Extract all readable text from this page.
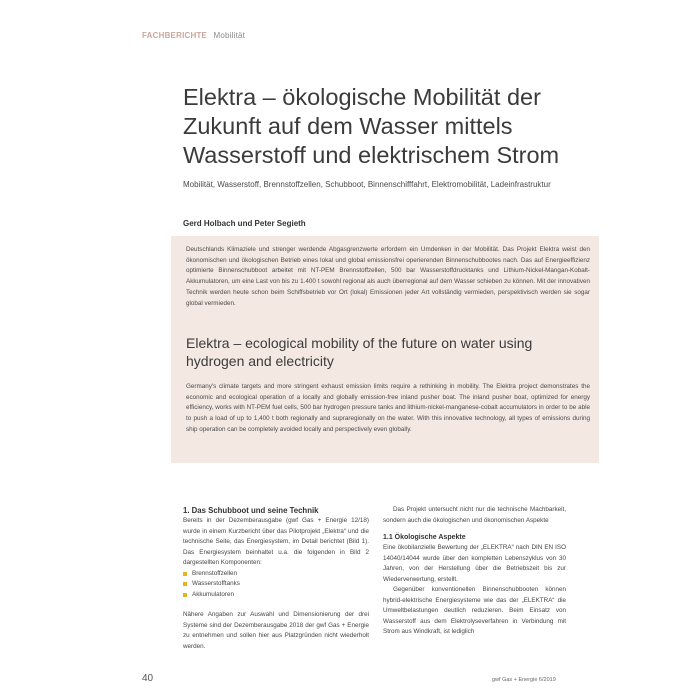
FACHBERICHTE Mobilität
Elektra – ökologische Mobilität der Zukunft auf dem Wasser mittels Wasserstoff und elektrischem Strom
Mobilität, Wasserstoff, Brennstoffzellen, Schubboot, Binnenschifffahrt, Elektromobilität, Ladeinfrastruktur
Gerd Holbach und Peter Segieth

Deutschlands Klimaziele und strenger werdende Abgasgrenzwerte erfordern ein Umdenken in der Mobilität. Das Projekt Elektra weist den ökonomischen und ökologischen Betrieb eines lokal und global emissionsfrei operierenden Binnenschubbootes nach. Das auf Energieeffizienz optimierte Binnenschubboot arbeitet mit NT-PEM Brennstoffzellen, 500 bar Wasserstoffdrucktanks und Lithium-Nickel-Mangan-Kobalt-Akkumulatoren, um eine Last von bis zu 1.400 t sowohl regional als auch überregional auf dem Wasser schieben zu können. Mit der innovativen Technik werden heute schon beim Schiffsbetrieb vor Ort (lokal) Emissionen jeder Art vollständig vermieden, perspektivisch werden sie sogar global vermieden.

Elektra – ecological mobility of the future on water using hydrogen and electricity

Germany's climate targets and more stringent exhaust emission limits require a rethinking in mobility. The Elektra project demonstrates the economic and ecological operation of a locally and globally emission-free inland pusher boat. The inland pusher boat, optimized for energy efficiency, works with NT-PEM fuel cells, 500 bar hydrogen pressure tanks and lithium-nickel-manganese-cobalt accumulators in order to be able to push a load of up to 1,400 t both regionally and supraregionally on the water. With this innovative technology, all types of emissions during ship operation can be completely avoided locally and perspectively even globally.

1. Das Schubboot und seine Technik

Bereits in der Dezemberausgabe (gwf Gas + Energie 12/18) wurde in einem Kurzbericht über das Pilotprojekt „Elektra“ und die technische Seite, das Energiesystem, im Detail berichtet (Bild 1). Das Energiesystem beinhaltet u.a. die folgenden in Bild 2 dargestellten Komponenten:

Brennstoffzellen
Wasserstofftanks
Akkumulatoren

Nähere Angaben zur Auswahl und Dimensionierung der drei Systeme sind der Dezemberausgabe 2018 der gwf Gas + Energie zu entnehmen und sollen hier aus Platzgründen nicht wiederholt werden.

Das Projekt untersucht nicht nur die technische Machbarkeit, sondern auch die ökologischen und ökonomischen Aspekte

1.1 Ökologische Aspekte

Eine ökobilanzielle Bewertung der „ELEKTRA“ nach DIN EN ISO 14040/14044 wurde über den kompletten Lebenszyklus von 30 Jahren, von der Herstellung über die Betriebszeit bis zur Wiederverwertung, erstellt.

Gegenüber konventionellen Binnenschubbooten können hybrid-elektrische Energiesysteme wie das der „ELEKTRA“ die Umweltbelastungen deutlich reduzieren. Beim Einsatz von Wasserstoff aus dem Elektrolyseverfahren in Verbindung mit Strom aus Windkraft, ist lediglich

40	gwf Gas + Energie 6/2019
